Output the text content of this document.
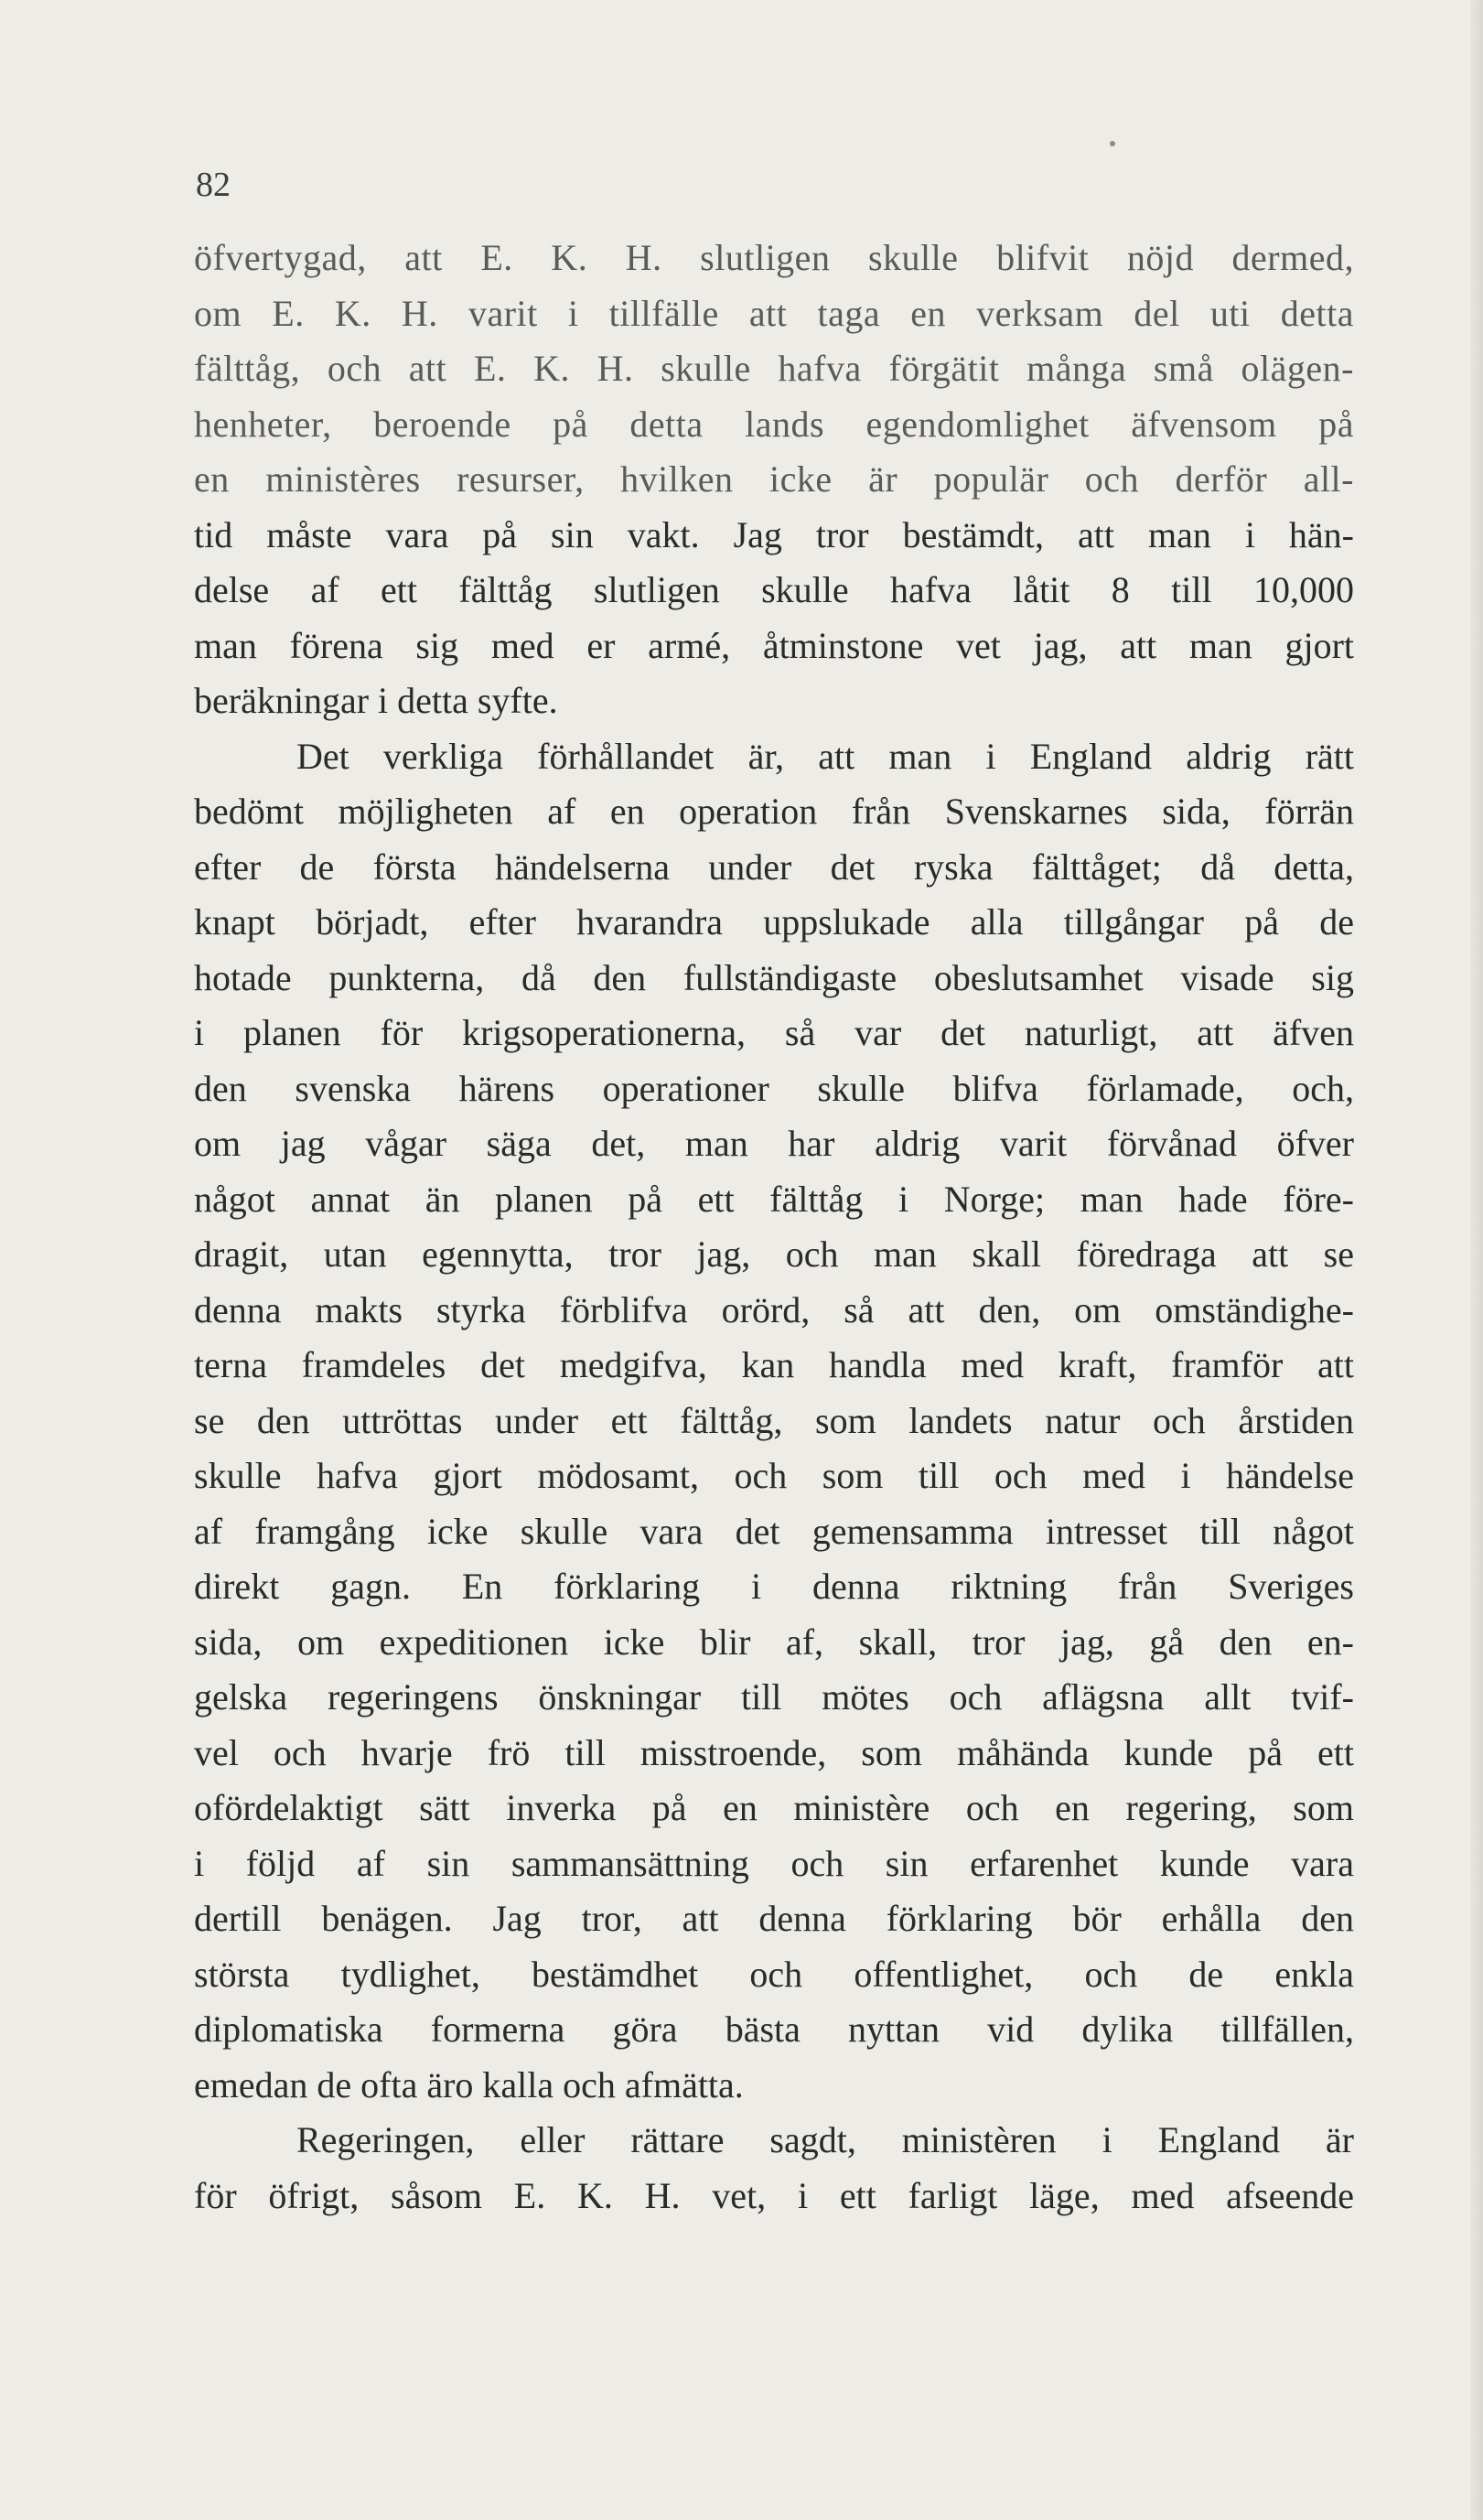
82
öfvertygad, att E. K. H. slutligen skulle blifvit nöjd dermed,
om E. K. H. varit i tillfälle att taga en verksam del uti detta
fälttåg, och att E. K. H. skulle hafva förgätit många små olägen-
henheter, beroende på detta lands egendomlighet äfvensom på
en ministères resurser, hvilken icke är populär och derför all-
tid måste vara på sin vakt. Jag tror bestämdt, att man i hän-
delse af ett fälttåg slutligen skulle hafva låtit 8 till 10,000
man förena sig med er armé, åtminstone vet jag, att man gjort
beräkningar i detta syfte.
Det verkliga förhållandet är, att man i England aldrig rätt
bedömt möjligheten af en operation från Svenskarnes sida, förrän
efter de första händelserna under det ryska fälttåget; då detta,
knapt börjadt, efter hvarandra uppslukade alla tillgångar på de
hotade punkterna, då den fullständigaste obeslutsamhet visade sig
i planen för krigsoperationerna, så var det naturligt, att äfven
den svenska härens operationer skulle blifva förlamade, och,
om jag vågar säga det, man har aldrig varit förvånad öfver
något annat än planen på ett fälttåg i Norge; man hade före-
dragit, utan egennytta, tror jag, och man skall föredraga att se
denna makts styrka förblifva orörd, så att den, om omständighe-
terna framdeles det medgifva, kan handla med kraft, framför att
se den uttröttas under ett fälttåg, som landets natur och årstiden
skulle hafva gjort mödosamt, och som till och med i händelse
af framgång icke skulle vara det gemensamma intresset till något
direkt gagn. En förklaring i denna riktning från Sveriges
sida, om expeditionen icke blir af, skall, tror jag, gå den en-
gelska regeringens önskningar till mötes och aflägsna allt tvif-
vel och hvarje frö till misstroende, som måhända kunde på ett
ofördelaktigt sätt inverka på en ministère och en regering, som
i följd af sin sammansättning och sin erfarenhet kunde vara
dertill benägen. Jag tror, att denna förklaring bör erhålla den
största tydlighet, bestämdhet och offentlighet, och de enkla
diplomatiska formerna göra bästa nyttan vid dylika tillfällen,
emedan de ofta äro kalla och afmätta.
Regeringen, eller rättare sagdt, ministèren i England är
för öfrigt, såsom E. K. H. vet, i ett farligt läge, med afseende
